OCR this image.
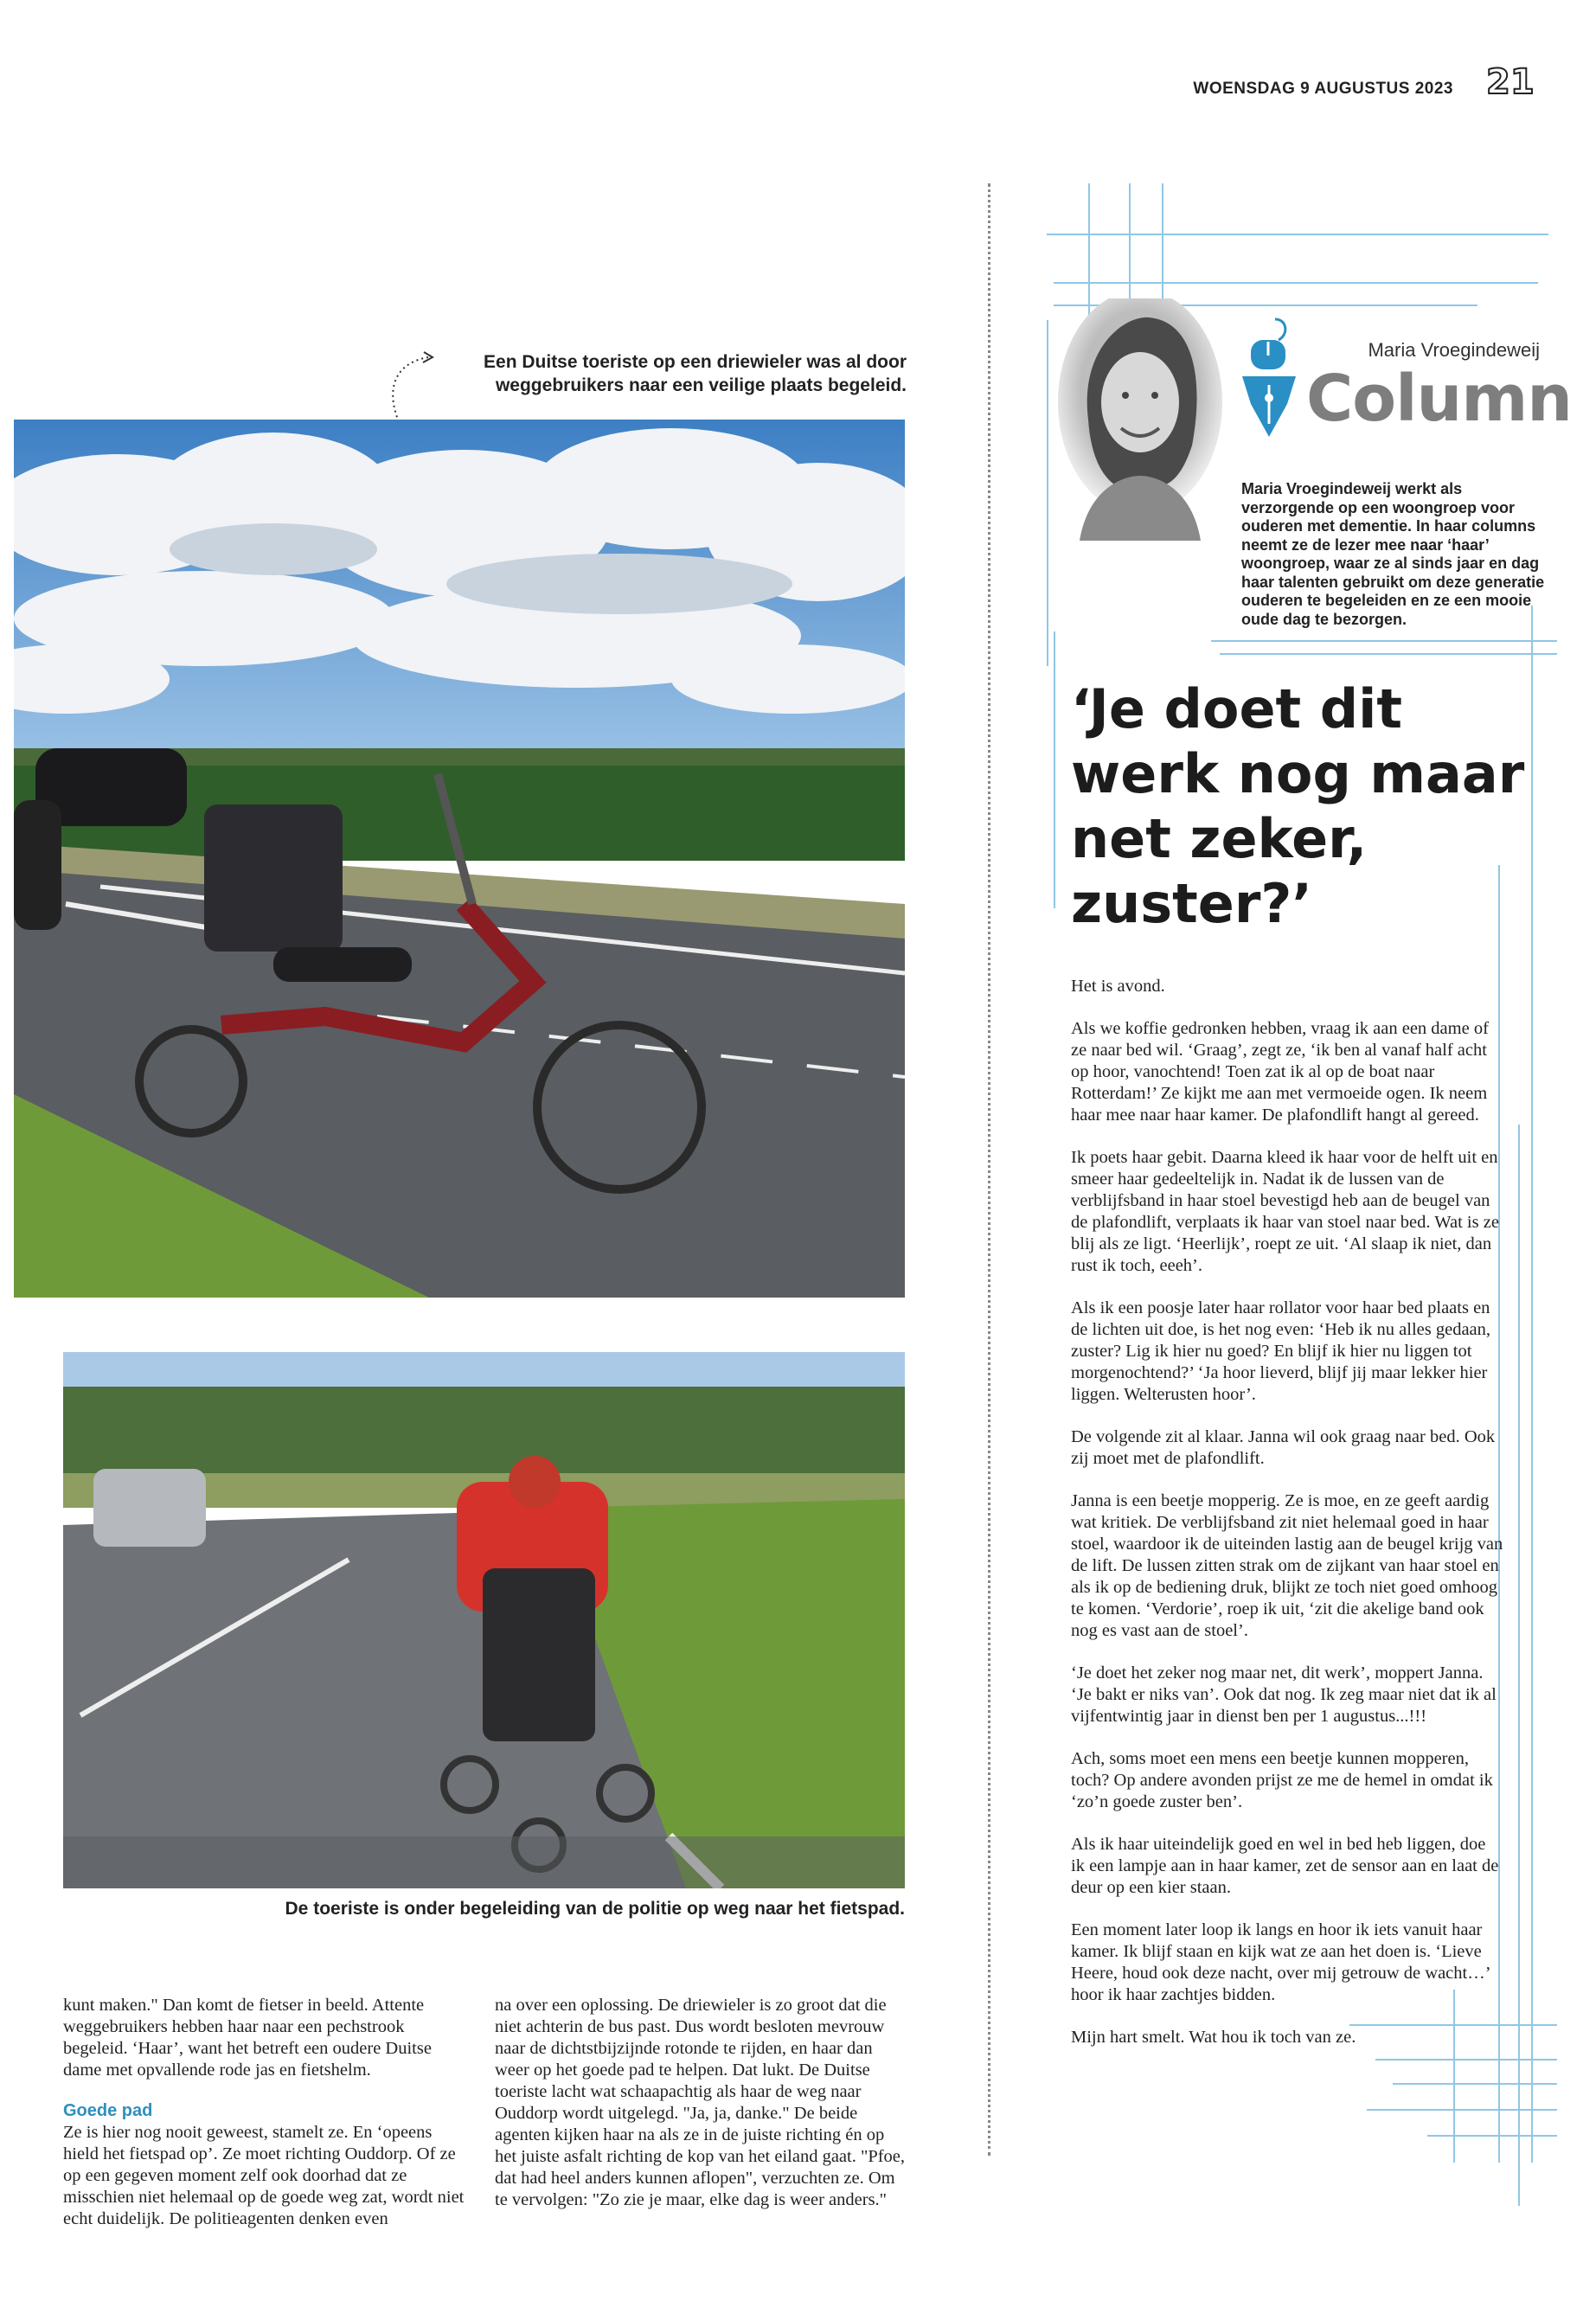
WOENSDAG 9 AUGUSTUS 2023 21
Een Duitse toeriste op een driewieler was al door
weggebruikers naar een veilige plaats begeleid.
De toeriste is onder begeleiding van de politie op weg naar het fietspad.

kunt maken." Dan komt de fietser in beeld. Attente weggebruikers hebben haar naar een pechstrook begeleid. ‘Haar’, want het betreft een oudere Duitse dame met opvallende rode jas en fietshelm.

Goede pad

Ze is hier nog nooit geweest, stamelt ze. En ‘opeens hield het fietspad op’. Ze moet richting Ouddorp. Of ze op een gegeven moment zelf ook doorhad dat ze misschien niet helemaal op de goede weg zat, wordt niet echt duidelijk. De politieagenten denken even

na over een oplossing. De driewieler is zo groot dat die niet achterin de bus past. Dus wordt besloten mevrouw naar de dichtstbijzijnde rotonde te rijden, en haar dan weer op het goede pad te helpen. Dat lukt. De Duitse toeriste lacht wat schaapachtig als haar de weg naar Ouddorp wordt uitgelegd. "Ja, ja, danke." De beide agenten kijken haar na als ze in de juiste richting én op het juiste asfalt richting de kop van het eiland gaat. "Pfoe, dat had heel anders kunnen aflopen", verzuchten ze. Om te vervolgen: "Zo zie je maar, elke dag is weer anders."

Maria Vroegindeweij
Column
Maria Vroegindeweij werkt als verzorgende op een woongroep voor ouderen met dementie. In haar columns neemt ze de lezer mee naar ‘haar’ woongroep, waar ze al sinds jaar en dag haar talenten gebruikt om deze generatie ouderen te begeleiden en ze een mooie oude dag te bezorgen.
‘Je doet dit werk nog maar net zeker, zuster?’

Het is avond.

Als we koffie gedronken hebben, vraag ik aan een dame of ze naar bed wil. ‘Graag’, zegt ze, ‘ik ben al vanaf half acht op hoor, vanochtend! Toen zat ik al op de boat naar Rotterdam!’ Ze kijkt me aan met vermoeide ogen. Ik neem haar mee naar haar kamer. De plafondlift hangt al gereed.

Ik poets haar gebit. Daarna kleed ik haar voor de helft uit en smeer haar gedeeltelijk in. Nadat ik de lussen van de verblijfsband in haar stoel bevestigd heb aan de beugel van de plafondlift, verplaats ik haar van stoel naar bed. Wat is ze blij als ze ligt. ‘Heerlijk’, roept ze uit. ‘Al slaap ik niet, dan rust ik toch, eeeh’.

Als ik een poosje later haar rollator voor haar bed plaats en de lichten uit doe, is het nog even: ‘Heb ik nu alles gedaan, zuster? Lig ik hier nu goed? En blijf ik hier nu liggen tot morgenochtend?’ ‘Ja hoor lieverd, blijf jij maar lekker hier liggen. Welterusten hoor’.

De volgende zit al klaar. Janna wil ook graag naar bed. Ook zij moet met de plafondlift.

Janna is een beetje mopperig. Ze is moe, en ze geeft aardig wat kritiek. De verblijfsband zit niet helemaal goed in haar stoel, waardoor ik de uiteinden lastig aan de beugel krijg van de lift. De lussen zitten strak om de zijkant van haar stoel en als ik op de bediening druk, blijkt ze toch niet goed omhoog te komen. ‘Verdorie’, roep ik uit, ‘zit die akelige band ook nog es vast aan de stoel’.

‘Je doet het zeker nog maar net, dit werk’, moppert Janna. ‘Je bakt er niks van’. Ook dat nog. Ik zeg maar niet dat ik al vijfentwintig jaar in dienst ben per 1 augustus...!!!

Ach, soms moet een mens een beetje kunnen mopperen, toch? Op andere avonden prijst ze me de hemel in omdat ik ‘zo’n goede zuster ben’.

Als ik haar uiteindelijk goed en wel in bed heb liggen, doe ik een lampje aan in haar kamer, zet de sensor aan en laat de deur op een kier staan.

Een moment later loop ik langs en hoor ik iets vanuit haar kamer. Ik blijf staan en kijk wat ze aan het doen is. ‘Lieve Heere, houd ook deze nacht, over mij getrouw de wacht…’ hoor ik haar zachtjes bidden.

Mijn hart smelt. Wat hou ik toch van ze.
